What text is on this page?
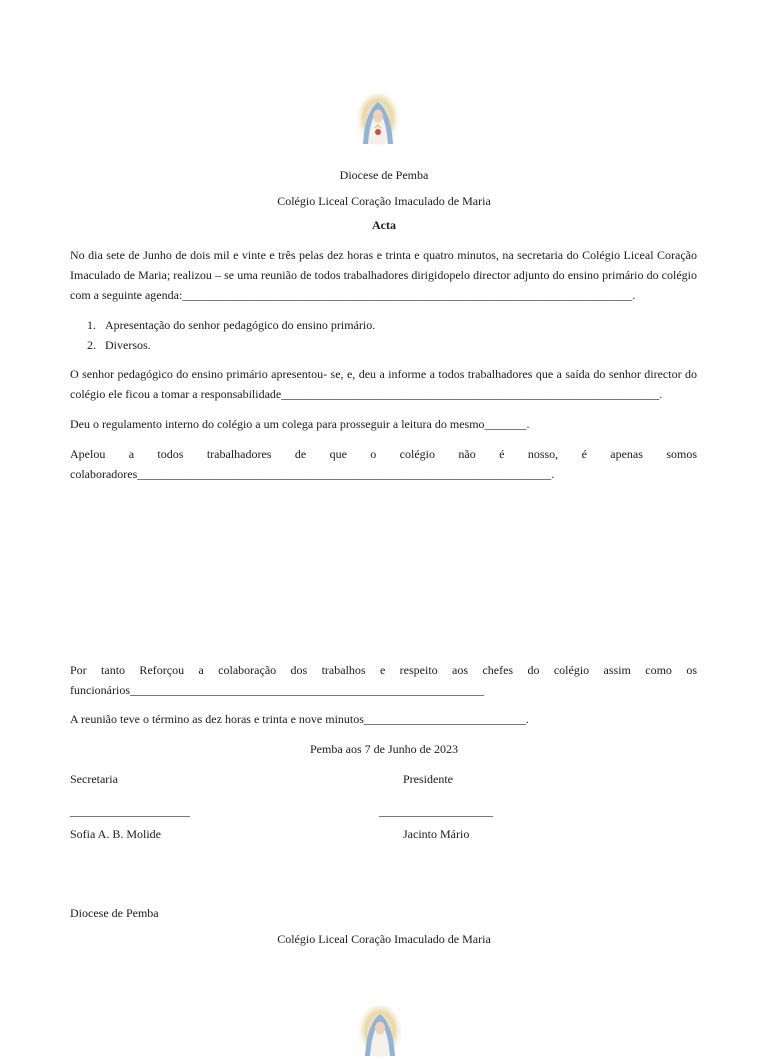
Diocese de Pemba
Colégio Liceal Coração Imaculado de Maria
Acta
No dia sete de Junho de dois mil e vinte e três pelas dez horas e trinta e quatro minutos, na secretaria do Colégio Liceal Coração Imaculado de Maria; realizou – se uma reunião de todos trabalhadores dirigidopelo director adjunto do ensino primário do colégio com a seguinte agenda:___________________________________________________________________________.
1. Apresentação do senhor pedagógico do ensino primário.
2. Diversos.
O senhor pedagógico do ensino primário apresentou- se, e, deu a informe a todos trabalhadores que a saída do senhor director do colégio ele ficou a tomar a responsabilidade_______________________________________________________________.
Deu o regulamento interno do colégio a um colega para prosseguir a leitura do mesmo_______.
Apelou a todos trabalhadores de que o colégio não é nosso, é apenas somos colaboradores_____________________________________________________________________.
Por tanto Reforçou a colaboração dos trabalhos e respeito aos chefes do colégio assim como os funcionários___________________________________________________________
A reunião teve o término as dez horas e trinta e nove minutos___________________________.
Pemba aos 7 de Junho de 2023
Secretaria	Presidente
____________________	___________________
Sofia A. B. Molide	Jacinto Mário
Diocese de Pemba
Colégio Liceal Coração Imaculado de Maria
